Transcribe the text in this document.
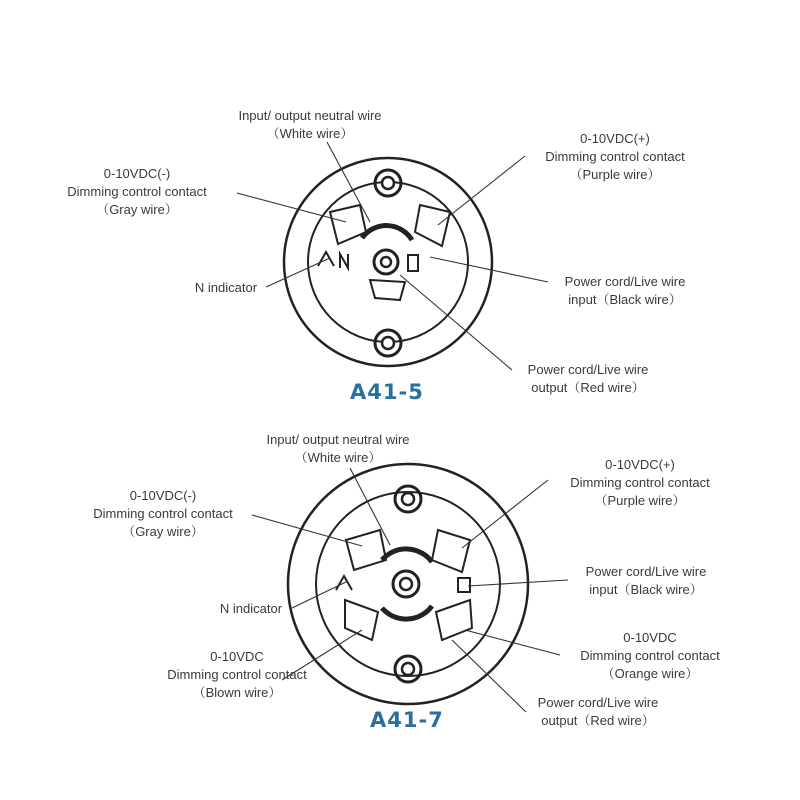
Input/ output neutral wire
（White wire）	0-10VDC(+)
Dimming control contact
（Purple wire）
0-10VDC(-)
Dimming control contact
（Gray wire）
N indicator	Power cord/Live wire
input（Black wire）
Power cord/Live wire
output（Red wire）
A41-5
Input/ output neutral wire
（White wire）	0-10VDC(+)
Dimming control contact
（Purple wire）
0-10VDC(-)
Dimming control contact
（Gray wire）
N indicator
Power cord/Live wire
input（Black wire）
0-10VDC
Dimming control contact
（Orange wire）
0-10VDC
Dimming control contact
（Blown wire）
Power cord/Live wire
output（Red wire）
A41-7
